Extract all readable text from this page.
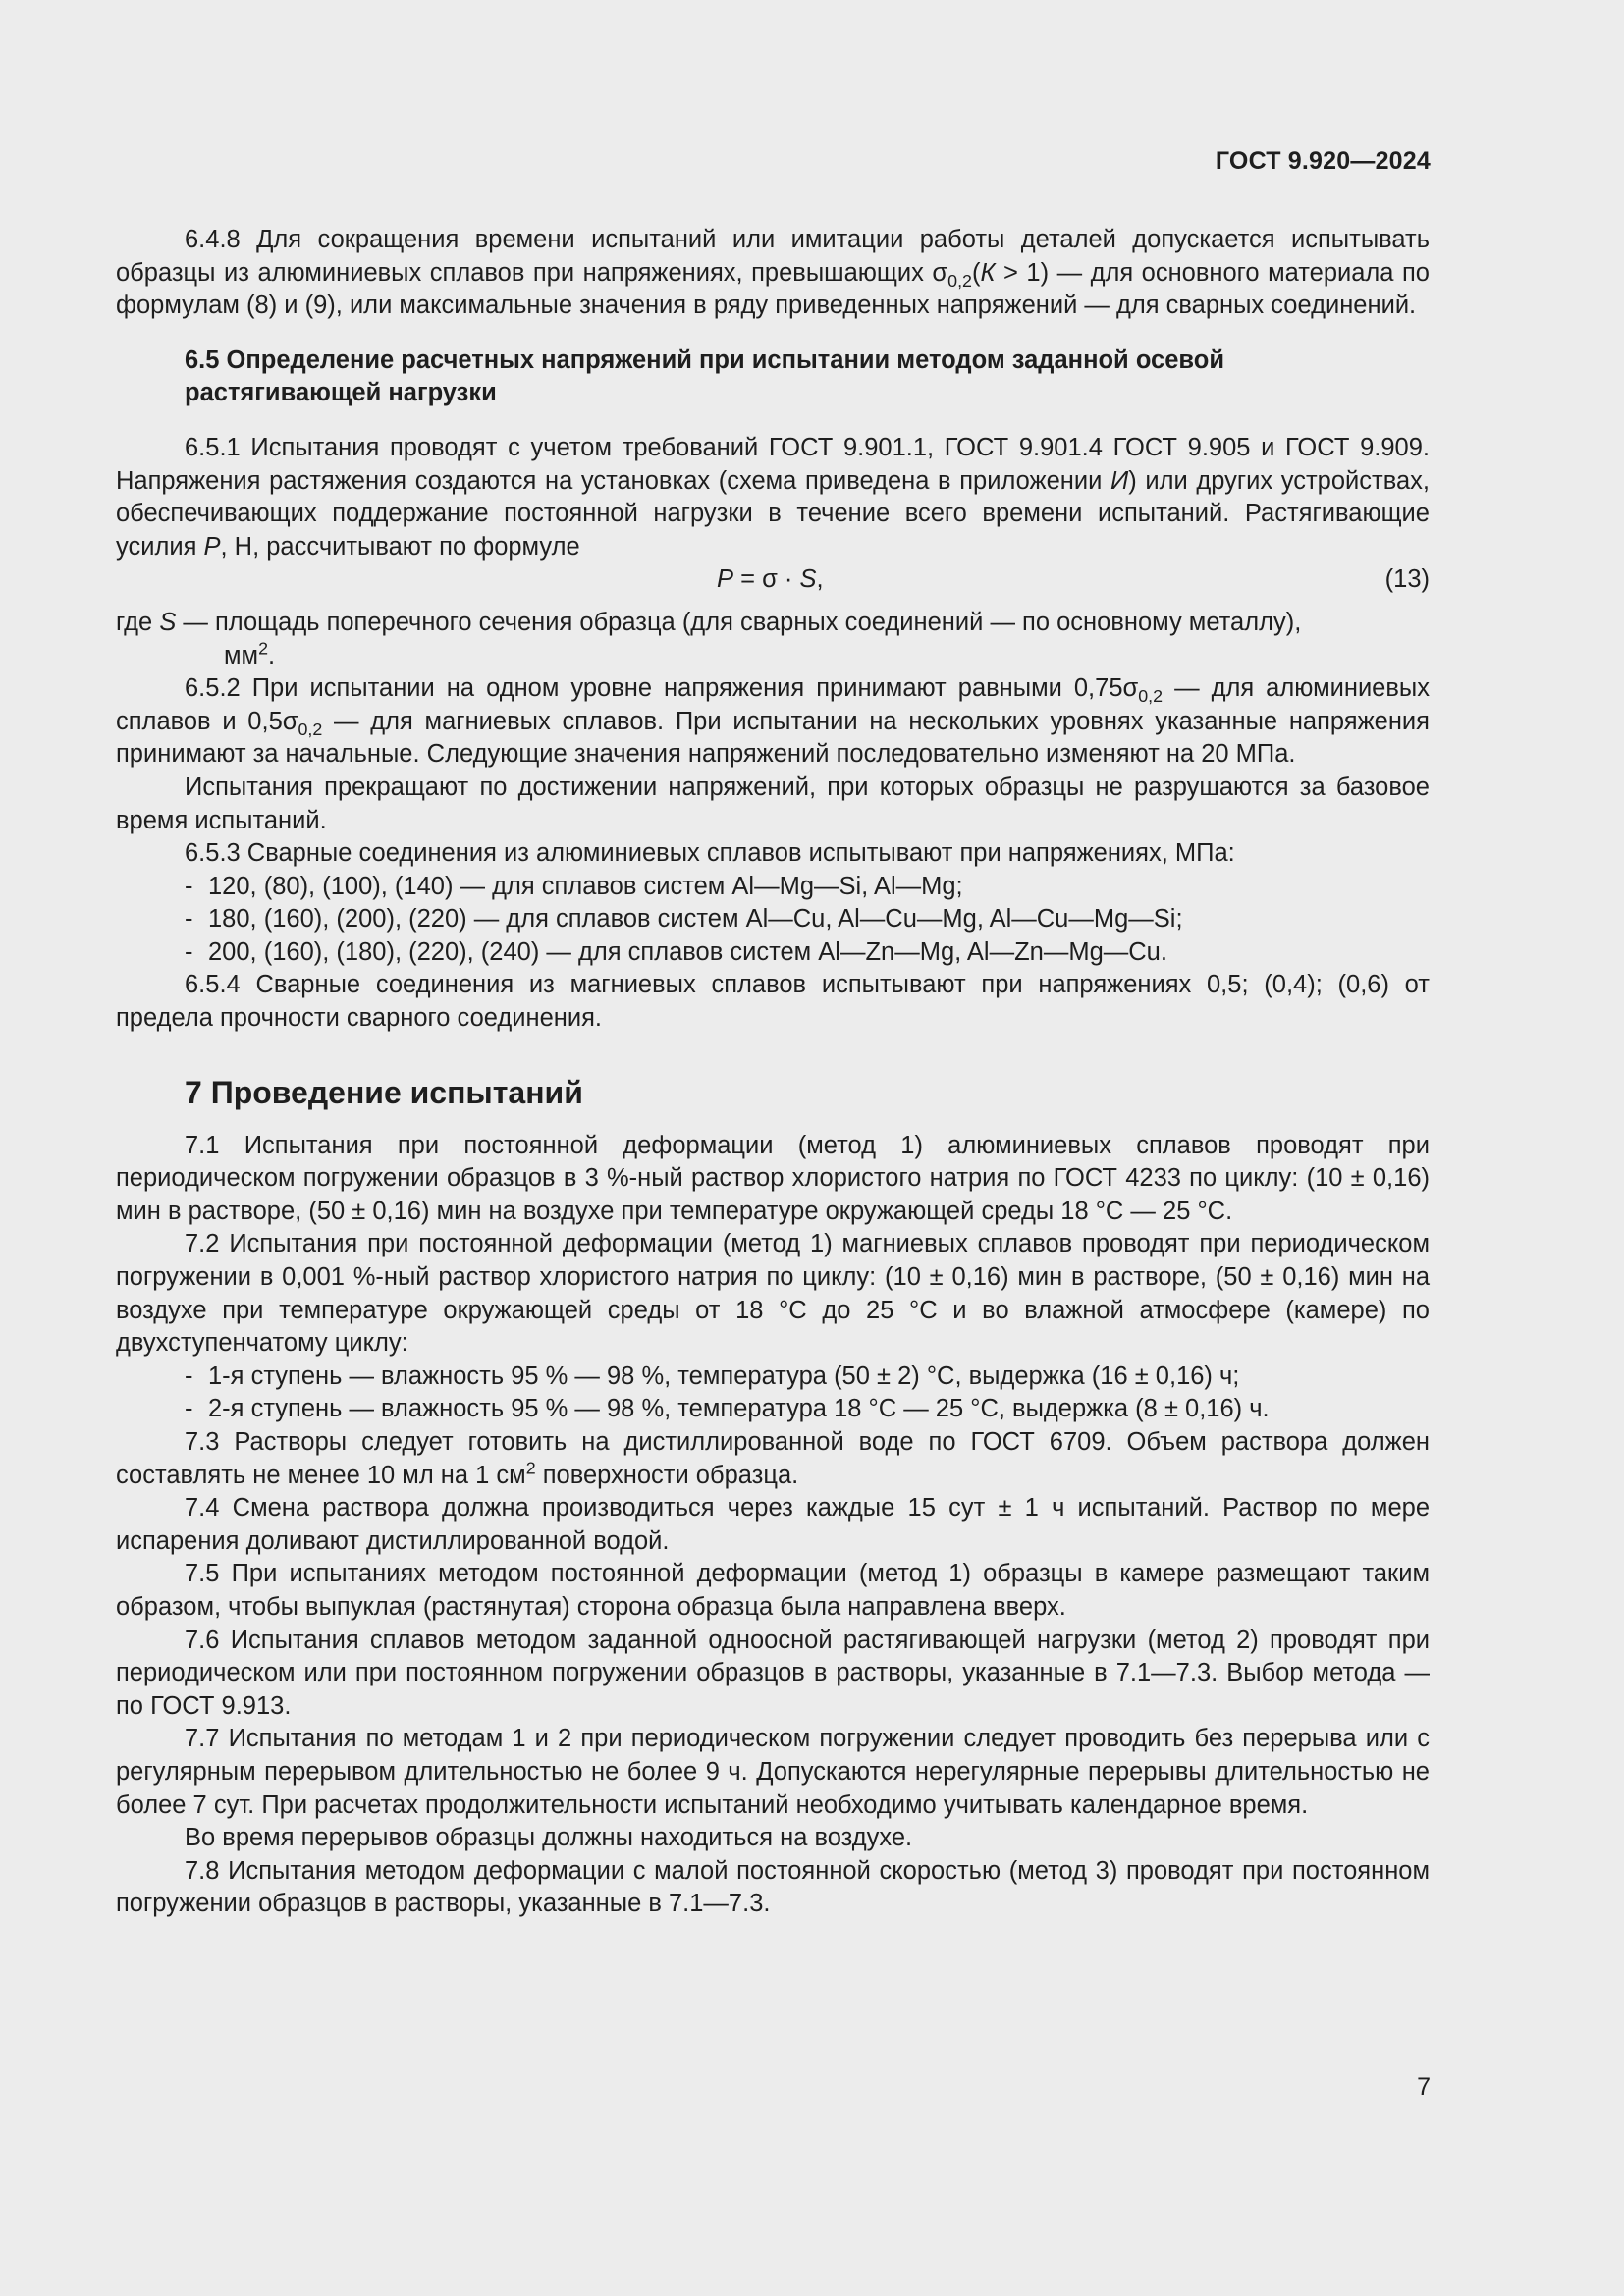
ГОСТ 9.920—2024

6.4.8 Для сокращения времени испытаний или имитации работы деталей допускается испытывать образцы из алюминиевых сплавов при напряжениях, превышающих $\sigma_{0,2}(К > 1)$ — для основного материала по формулам (8) и (9), или максимальные значения в ряду приведенных напряжений — для сварных соединений.

6.5 Определение расчетных напряжений при испытании методом заданной осевой
растягивающей нагрузки

6.5.1 Испытания проводят с учетом требований ГОСТ 9.901.1, ГОСТ 9.901.4 ГОСТ 9.905 и ГОСТ 9.909. Напряжения растяжения создаются на установках (схема приведена в приложении И) или других устройствах, обеспечивающих поддержание постоянной нагрузки в течение всего времени испытаний. Растягивающие усилия Р, Н, рассчитывают по формуле

Р = σ · S,	(13)

где S — площадь поперечного сечения образца (для сварных соединений — по основному металлу),
$мм^2$.

6.5.2 При испытании на одном уровне напряжения принимают равными $0,75\sigma_{0,2}$ — для алюминиевых сплавов и $0,5\sigma_{0,2}$ — для магниевых сплавов. При испытании на нескольких уровнях указанные напряжения принимают за начальные. Следующие значения напряжений последовательно изменяют на 20 МПа.

Испытания прекращают по достижении напряжений, при которых образцы не разрушаются за базовое время испытаний.

6.5.3 Сварные соединения из алюминиевых сплавов испытывают при напряжениях, МПа:

- 120, (80), (100), (140) — для сплавов систем Al—Mg—Si, Al—Mg;

- 180, (160), (200), (220) — для сплавов систем Al—Cu, Al—Cu—Mg, Al—Cu—Mg—Si;

- 200, (160), (180), (220), (240) — для сплавов систем Al—Zn—Mg, Al—Zn—Mg—Cu.

6.5.4 Сварные соединения из магниевых сплавов испытывают при напряжениях 0,5; (0,4); (0,6) от предела прочности сварного соединения.

7 Проведение испытаний

7.1 Испытания при постоянной деформации (метод 1) алюминиевых сплавов проводят при периодическом погружении образцов в 3 %-ный раствор хлористого натрия по ГОСТ 4233 по циклу: (10 ± 0,16) мин в растворе, (50 ± 0,16) мин на воздухе при температуре окружающей среды 18 °С — 25 °С.

7.2 Испытания при постоянной деформации (метод 1) магниевых сплавов проводят при периодическом погружении в 0,001 %-ный раствор хлористого натрия по циклу: (10 ± 0,16) мин в растворе, (50 ± 0,16) мин на воздухе при температуре окружающей среды от 18 °С до 25 °С и во влажной атмосфере (камере) по двухступенчатому циклу:

- 1-я ступень — влажность 95 % — 98 %, температура (50 ± 2) °С, выдержка (16 ± 0,16) ч;

- 2-я ступень — влажность 95 % — 98 %, температура 18 °С — 25 °С, выдержка (8 ± 0,16) ч.

7.3 Растворы следует готовить на дистиллированной воде по ГОСТ 6709. Объем раствора должен составлять не менее 10 мл на 1 $см^2$ поверхности образца.

7.4 Смена раствора должна производиться через каждые 15 сут ± 1 ч испытаний. Раствор по мере испарения доливают дистиллированной водой.

7.5 При испытаниях методом постоянной деформации (метод 1) образцы в камере размещают таким образом, чтобы выпуклая (растянутая) сторона образца была направлена вверх.

7.6 Испытания сплавов методом заданной одноосной растягивающей нагрузки (метод 2) проводят при периодическом или при постоянном погружении образцов в растворы, указанные в 7.1—7.3. Выбор метода — по ГОСТ 9.913.

7.7 Испытания по методам 1 и 2 при периодическом погружении следует проводить без перерыва или с регулярным перерывом длительностью не более 9 ч. Допускаются нерегулярные перерывы длительностью не более 7 сут. При расчетах продолжительности испытаний необходимо учитывать календарное время.

Во время перерывов образцы должны находиться на воздухе.

7.8 Испытания методом деформации с малой постоянной скоростью (метод 3) проводят при постоянном погружении образцов в растворы, указанные в 7.1—7.3.

7
